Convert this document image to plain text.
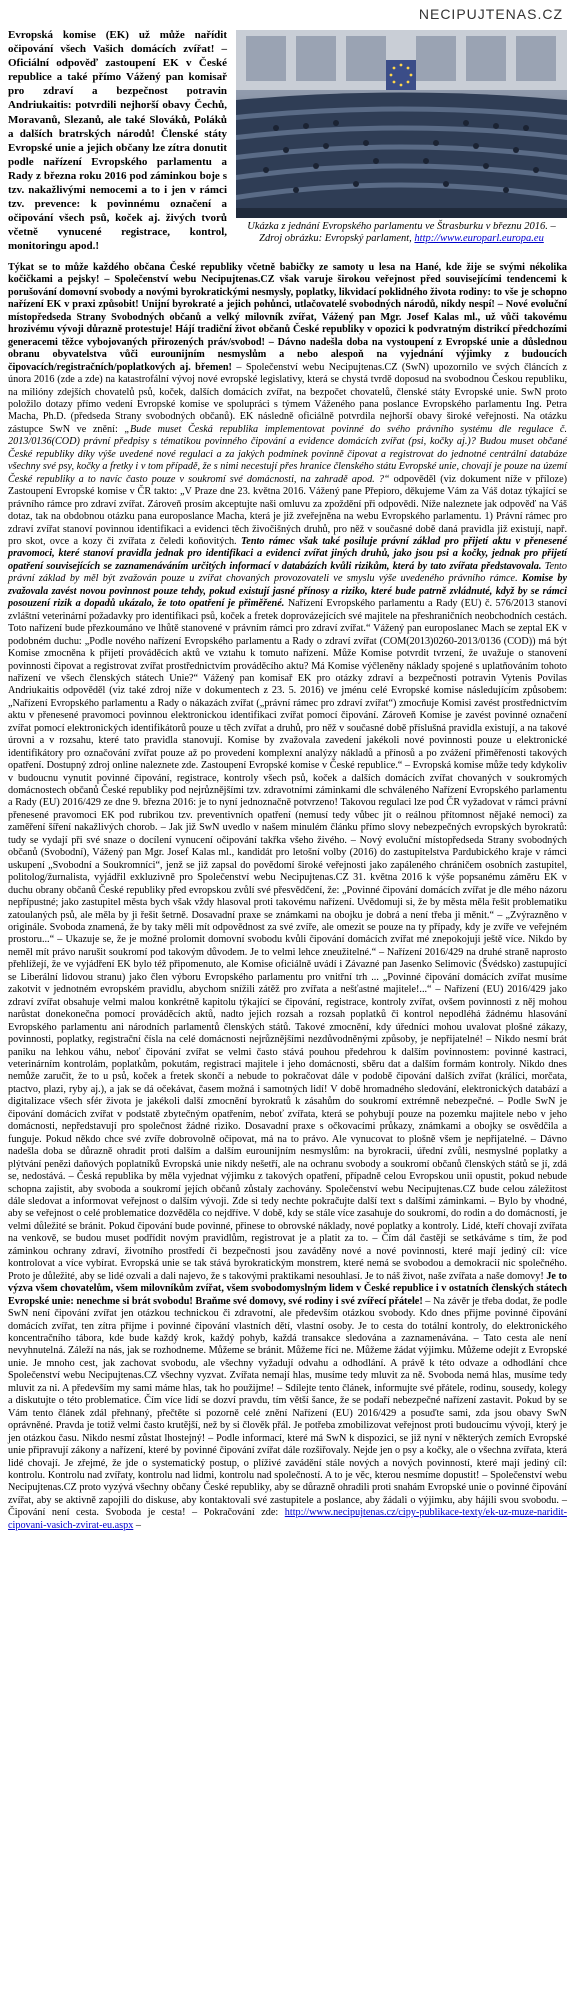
NECIPUJTENAS.CZ
Evropská komise (EK) už může nařídit očipování všech Vašich domácích zvířat! – Oficiální odpověď zastoupení EK v České republice a také přímo Vážený pan komisař pro zdraví a bezpečnost potravin Andriukaitis: potvrdili nejhorší obavy Čechů, Moravanů, Slezanů, ale také Slováků, Poláků a dalších bratrských národů! Členské státy Evropské unie a jejich občany lze zítra donutit podle nařízení Evropského parlamentu a Rady z března roku 2016 pod záminkou boje s tzv. nakažlivými nemocemi a to i jen v rámci tzv. prevence: k povinnému označení a očipování všech psů, koček aj. živých tvorů včetně vynucené registrace, kontrol, monitoringu apod.!
Ukázka z jednání Evropského parlamentu ve Štrasburku v březnu 2016. –
Zdroj obrázku: Evropský parlament, http://www.europarl.europa.eu
Týkat se to může každého občana České republiky včetně babičky ze samoty u lesa na Hané, kde žije se svými nékolika kočičkami a pejsky! – Společenství webu Necipujtenas.CZ však varuje širokou veřejnost před souvisejícími tendencemi k porušování domovní svobody a novými byrokratickými nesmysly, poplatky, likvidací poklidného života rodiny: to vše je schopno nařízení EK v praxi způsobit! Unijní byrokraté a jejich pohůnci, utlačovatelé svobodných národů, nikdy nespí! – Nové evoluční místopředsedа Strany Svobodných občanů a velký milovník zvířat, Vážený pan Mgr. Josef Kalas ml., už vůči takovému hrozivému vývoji důrazně protestuje! Hájí tradiční život občanů České republiky v opozici k podvratným distrikcí předchozími generacemi těžce vybojovaných přirozených práv/svobod! – Dávno nadešla doba na vystoupení z Evropské unie a důslednou obranu obyvatelstva vůči eurounijním nesmyslům a nebo alespoň na vyjednání výjimky z budoucích čipovacích/registračních/poplatkových aj. břemen! – Společenství webu Necipujtenas.CZ (SwN) upozornilo ve svých článcích z února 2016 (zde a zde) na katastrofální vývoj nové evropské legislativy, která se chystá tvrdě doposud na svobodnou Českou republiku, na milióny zdejších chovatelů psů, koček, dalších domácích zvířat, na bezpočet chovatelů, členské státy Evropské unie. SwN proto položilo dotazy přímo vedení Evropské komise ve spolupráci s týmem Váženého pana poslance Evropského parlamentu Ing. Petra Macha, Ph.D. (předseda Strany svobodných občanů). EK následně oficiálně potvrdila nejhorší obavy široké veřejnosti. Na otázku zástupce SwN ve znění: „Bude muset Česká republika implementovat povinné do svého právního systému dle regulace č. 2013/0136(COD) právní předpisy s tématikou povinného čipování a evidence domácích zvířat (psi, kočky aj.)? Budou muset občané České republiky díky výše uvedené nové regulaci a za jakých podmínek povinně čipovat a registrovat do jednotné centrální databáze všechny své psy, kočky a fretky i v tom případě, že s nimi necestují přes hranice členského státu Evropské unie, chovají je pouze na území České republiky a to navíc často pouze v soukromí své domácnosti, na zahradě apod. ?“ odpověděl (viz dokument níže v příloze) Zastoupení Evropské komise v ČR takto: „V Praze dne 23. května 2016. Vážený pane Přepioro, děkujeme Vám za Váš dotaz týkající se právního rámce pro zdraví zvířat. Zároveň prosím akceptujte naši omluvu za zpoždění při odpovědi. Níže naleznete jak odpověď na Váš dotaz, tak na obdobnou otázku pana europoslance Macha, která je již zveřejněna na webu Evropského parlamentu. 1) Právní rámec pro zdraví zvířat stanoví povinnou identifikaci a evidenci těch živočišných druhů, pro něž v současné době daná pravidla již existují, např. pro skot, ovce a kozy či zvířata z čeledi koňovitých. Tento rámec však také posiluje právní základ pro přijetí aktu v přenesené pravomoci, které stanoví pravidla jednak pro identifikaci a evidenci zvířat jiných druhů, jako jsou psi a kočky, jednak pro přijetí opatření souvisejících se zaznamenáváním určitých informací v databázích kvůli rizikům, která by tato zvířata představovala. Tento právní základ by měl být zvažován pouze u zvířat chovaných provozovateli ve smyslu výše uvedeného právního rámce. Komise by zvažovala zavést novou povinnost pouze tehdy, pokud existují jasné přínosy a riziko, které bude patrně zvládnuté, když by se rámci posouzení rizik a dopadů ukázalo, že toto opatření je přiměřené. Nařízení Evropského parlamentu a Rady (EU) č. 576/2013 stanoví zvláštní veterinární požadavky pro identifikaci psů, koček a fretek doprovázejících své majitele na přeshraničních neobchodních cestách. Toto nařízení bude přezkoumáno ve lhůtě stanovené v právním rámci pro zdraví zvířat.“ Vážený pan europoslanec Mach se zeptal EK v podobném duchu: „Podle nového nařízení Evropského parlamentu a Rady o zdraví zvířat (COM(2013)0260-2013/0136 (COD)) má být Komise zmocněna k přijetí prováděcích aktů ve vztahu k tomuto nařízení. Může Komise potvrdit tvrzení, že uvažuje o stanovení povinnosti čipovat a registrovat zvířat prostřednictvím prováděcího aktu? Má Komise výčleněny náklady spojené s uplatňováním tohoto nařízení ve všech členských státech Unie?“ Vážený pan komisař EK pro otázky zdraví a bezpečnosti potravin Vytenis Povilas Andriukaitis odpověděl (viz také zdroj níže v dokumentech z 23. 5. 2016) ve jménu celé Evropské komise následujícím způsobem: „Nařízení Evropského parlamentu a Rady o nákazách zvířat („právní rámec pro zdraví zvířat“) zmocňuje Komisi zavést prostřednictvím aktu v přenesené pravomoci povinnou elektronickou identifikaci zvířat pomocí čipování. Zároveň Komise je zavést povinné označení zvířat pomocí elektronických identifikátorů pouze u těch zvířat a druhů, pro něž v současné době příslušná pravidla existují, a na takové úrovni a v rozsahu, které tato pravidla stanovují. Komise by zvažovala zavedení jakékoli nové povinnosti pouze u elektronické identifikátory pro označování zvířat pouze až po provedení komplexní analýzy nákladů a přínosů a po zvážení přiměřenosti takových opatření. Dostupný zdroj online naleznete zde. Zastoupení Evropské komise v České republice.“ – Evropská komise může tedy kdykoliv v budoucnu vynutit povinné čipování, registrace, kontroly všech psů, koček a dalších domácích zvířat chovaných v soukromých domácnostech občanů České republiky pod nejrůznějšími tzv. zdravotními záminkami dle schváleného Nařízení Evropského parlamentu a Rady (EU) 2016/429 ze dne 9. března 2016: je to nyní jednoznačně potvrzeno! Takovou regulaci lze pod ČR vyžadovat v rámci právní přenesené pravomoci EK pod rubrikou tzv. preventivních opatření (nemusí tedy vůbec jít o reálnou přítomnost nějaké nemoci) za zaměření šíření nakažlivých chorob. – Jak již SwN uvedlo v našem minulém článku přímo slovy nebezpečných evropských byrokratů: tudy se vydají při své snaze o docílení vynucení očipování takřka všeho živého. – Nový evoluční místopředseda Strany svobodných občanů (Svobodní), Vážený pan Mgr. Josef Kalas ml., kandidát pro letošní volby (2016) do zastupitelstva Pardubického kraje v rámci uskupení „Svobodní a Soukromníci“, jenž se již zapsal do povědomí široké veřejnosti jako zapáleného chráničem osobních zastupitel, politolog/žurnalista, vyjádřil exkluzivně pro Společenství webu Necipujtenas.CZ 31. května 2016 k výše popsanému záměru EK v duchu obrany občanů České republiky před evropskou zvůlí své přesvědčení, že: „Povinné čipování domácích zvířat je dle mého názoru nepřípustné; jako zastupitel města bych však vždy hlasoval proti takovému nařízení. Uvědomuji si, že by města měla řešit problematiku zatoulaných psů, ale měla by ji řešit šetrně. Dosavadní praxe se známkami na obojku je dobrá a není třeba ji měnit.“ – „Zvýrazněno v originále. Svoboda znamená, že by taky měli mít odpovědnost za své zvíře, ale omezit se pouze na ty případy, kdy je zvíře ve veřejném prostoru...“ – Ukazuje se, že je možné prolomit domovní svobodu kvůli čipování domácích zvířat mé znepokojuji ještě více. Nikdo by neměl mít právo narušit soukromí pod takovým důvodem. Je to velmi lehce zneužitelné.“ – Nařízení 2016/429 na druhé straně naprosto přehlížejí, že ve vyjádření EK bylo též připomenuto, ale Komise oficiálně uvádí i Závazné pan Jasenko Selimovic (Švédsko) zastupující se Liberální lidovou stranu) jako člen výboru Evropského parlamentu pro vnitřní trh ... „Povinné čipování domácích zvířat musíme zakotvit v jednotném evropském pravidlu, abychom snížili zátěž pro zvířata a nešťastné majitele!...“ – Nařízení (EU) 2016/429 jako zdraví zvířat obsahuje velmi malou konkrétně kapitolu týkající se čipování, registrace, kontroly zvířat, ovšem povinnosti z něj mohou narůstat donekonečna pomocí prováděcích aktů, nadto jejich rozsah a rozsah poplatků či kontrol nepodléhá žádnému hlasování Evropského parlamentu ani národních parlamentů členských států. Takové zmocnění, kdy úředníci mohou uvalovat plošné zákazy, povinnosti, poplatky, registrační čísla na celé domácnosti nejrůznějšími nezdůvodněnými způsoby, je nepřijatelné! – Nikdo nesmí brát paniku na lehkou váhu, neboť čipování zvířat se velmi často stává pouhou předehrou k dalším povinnostem: povinné kastraci, veterinárním kontrolám, poplatkům, pokutám, registraci majitele i jeho domácnosti, sběru dat a dalším formám kontroly. Nikdo dnes nemůže zaručit, že to u psů, koček a fretek skončí a nebude to pokračovat dále v podobě čipování dalších zvířat (králíci, morčata, ptactvo, plazi, ryby aj.), a jak se dá očekávat, časem možná i samotných lidí! V době hromadného sledování, elektronických databází a digitalizace všech sfér života je jakékoli další zmocnění byrokratů k zásahům do soukromí extrémně nebezpečné. – Podle SwN je čipování domácích zvířat v podstatě zbytečným opatřením, neboť zvířata, která se pohybují pouze na pozemku majitele nebo v jeho domácnosti, nepředstavují pro společnost žádné riziko. Dosavadní praxe s očkovacími průkazy, známkami a obojky se osvědčila a funguje. Pokud někdo chce své zvíře dobrovolně očipovat, má na to právo. Ale vynucovat to plošně všem je nepřijatelné. – Dávno nadešla doba se důrazně ohradit proti dalším a dalším eurounijním nesmyslům: na byrokracii, úřední zvůli, nesmyslné poplatky a plýtvání penězi daňových poplatníků Evropská unie nikdy nešetří, ale na ochranu svobody a soukromí občanů členských států se jí, zdá se, nedostává. – Česká republika by měla vyjednat výjimku z takových opatření, případně celou Evropskou unii opustit, pokud nebude schopna zajistit, aby svoboda a soukromí jejích občanů zůstaly zachovány. Společenství webu Necipujtenas.CZ bude celou záležitost dále sledovat a informovat veřejnost o dalším vývoji. Zde si tedy nechte pokračujte další text s dalšími záminkami. – Bylo by vhodné, aby se veřejnost o celé problematice dozvěděla co nejdříve. V době, kdy se stále více zasahuje do soukromí, do rodin a do domácností, je velmi důležité se bránit. Pokud čipování bude povinné, přinese to obrovské náklady, nové poplatky a kontroly. Lidé, kteří chovají zvířata na venkově, se budou muset podřídit novým pravidlům, registrovat je a platit za to. – Čím dál častěji se setkáváme s tím, že pod záminkou ochrany zdraví, životního prostředí či bezpečnosti jsou zaváděny nové a nové povinnosti, které mají jediný cíl: více kontrolovat a více vybírat. Evropská unie se tak stává byrokratickým monstrem, které nemá se svobodou a demokracií nic společného. Proto je důležité, aby se lidé ozvali a dali najevo, že s takovými praktikami nesouhlasí. Je to náš život, naše zvířata a naše domovy! Je to výzva všem chovatelům, všem milovníkům zvířat, všem svobodomyslným lidem v České republice i v ostatních členských státech Evropské unie: nenechme si brát svobodu! Braňme své domovy, své rodiny i své zvířecí přátele! – Na závěr je třeba dodat, že podle SwN není čipování zvířat jen otázkou technickou či zdravotní, ale především otázkou svobody. Kdo dnes přijme povinné čipování domácích zvířat, ten zítra přijme i povinné čipování vlastních dětí, vlastní osoby. Je to cesta do totální kontroly, do elektronického koncentračního tábora, kde bude každý krok, každý pohyb, každá transakce sledována a zaznamenávána. – Tato cesta ale není nevyhnutelná. Záleží na nás, jak se rozhodneme. Můžeme se bránit. Můžeme říci ne. Můžeme žádat výjimku. Můžeme odejít z Evropské unie. Je mnoho cest, jak zachovat svobodu, ale všechny vyžadují odvahu a odhodlání. A právě k této odvaze a odhodlání chce Společenství webu Necipujtenas.CZ všechny vyzvat. Zvířata nemají hlas, musíme tedy mluvit za ně. Svoboda nemá hlas, musíme tedy mluvit za ni. A především my sami máme hlas, tak ho použijme! – Sdílejte tento článek, informujte své přátele, rodinu, sousedy, kolegy a diskutujte o této problematice. Čím více lidí se dozví pravdu, tím větší šance, že se podaří nebezpečné nařízení zastavit. Pokud by se Vám tento článek zdál přehnaný, přečtěte si pozorně celé znění Nařízení (EU) 2016/429 a posuďte sami, zda jsou obavy SwN oprávněné. Pravda je totiž velmi často krutější, než by si člověk přál. Je potřeba zmobilizovat veřejnost proti budoucímu vývoji, který je jen otázkou času. Nikdo nesmí zůstat lhostejný! – Podle informací, které má SwN k dispozici, se již nyní v některých zemích Evropské unie připravují zákony a nařízení, které by povinné čipování zvířat dále rozšiřovaly. Nejde jen o psy a kočky, ale o všechna zvířata, která lidé chovají. Je zřejmé, že jde o systematický postup, o plíživé zavádění stále nových a nových povinností, které mají jediný cíl: kontrolu. Kontrolu nad zvířaty, kontrolu nad lidmi, kontrolu nad společností. A to je věc, kterou nesmíme dopustit! – Společenství webu Necipujtenas.CZ proto vyzývá všechny občany České republiky, aby se důrazně ohradili proti snahám Evropské unie o povinné čipování zvířat, aby se aktivně zapojili do diskuse, aby kontaktovali své zastupitele a poslance, aby žádali o výjimku, aby hájili svou svobodu. – Čipování není cesta. Svoboda je cesta! – Pokračování zde: http://www.necipujtenas.cz/cipy-publikace-texty/ek-uz-muze-naridit-cipovani-vasich-zvirat-eu.aspx –
